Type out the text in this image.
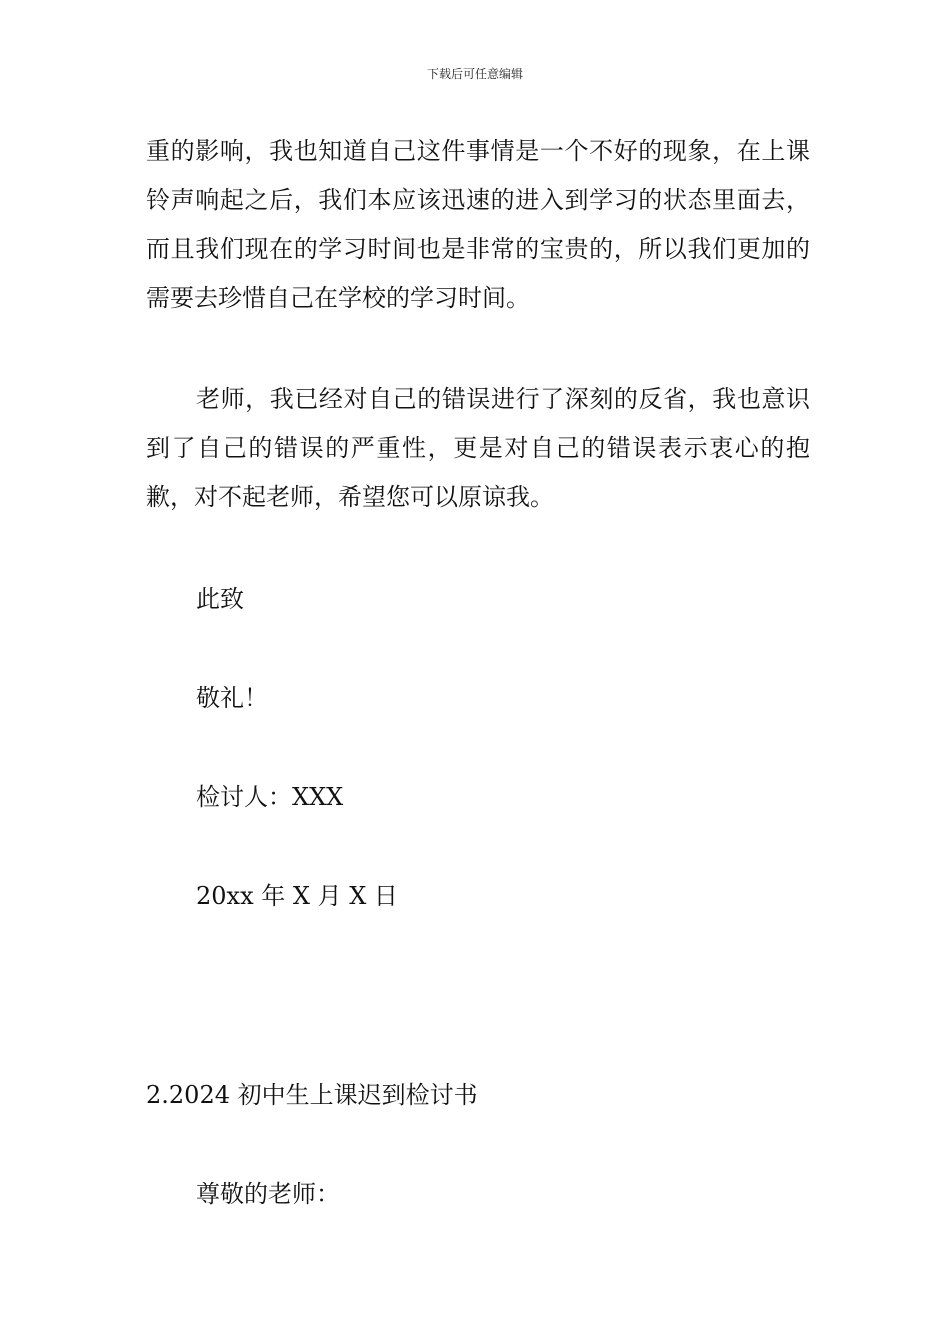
下载后可任意编辑

重的影响，我也知道自己这件事情是一个不好的现象，在上课铃声响起之后，我们本应该迅速的进入到学习的状态里面去，而且我们现在的学习时间也是非常的宝贵的，所以我们更加的需要去珍惜自己在学校的学习时间。

老师，我已经对自己的错误进行了深刻的反省，我也意识到了自己的错误的严重性，更是对自己的错误表示衷心的抱歉，对不起老师，希望您可以原谅我。

此致

敬礼！

检讨人：XXX

20xx 年 X 月 X 日

2.2024 初中生上课迟到检讨书

尊敬的老师：
